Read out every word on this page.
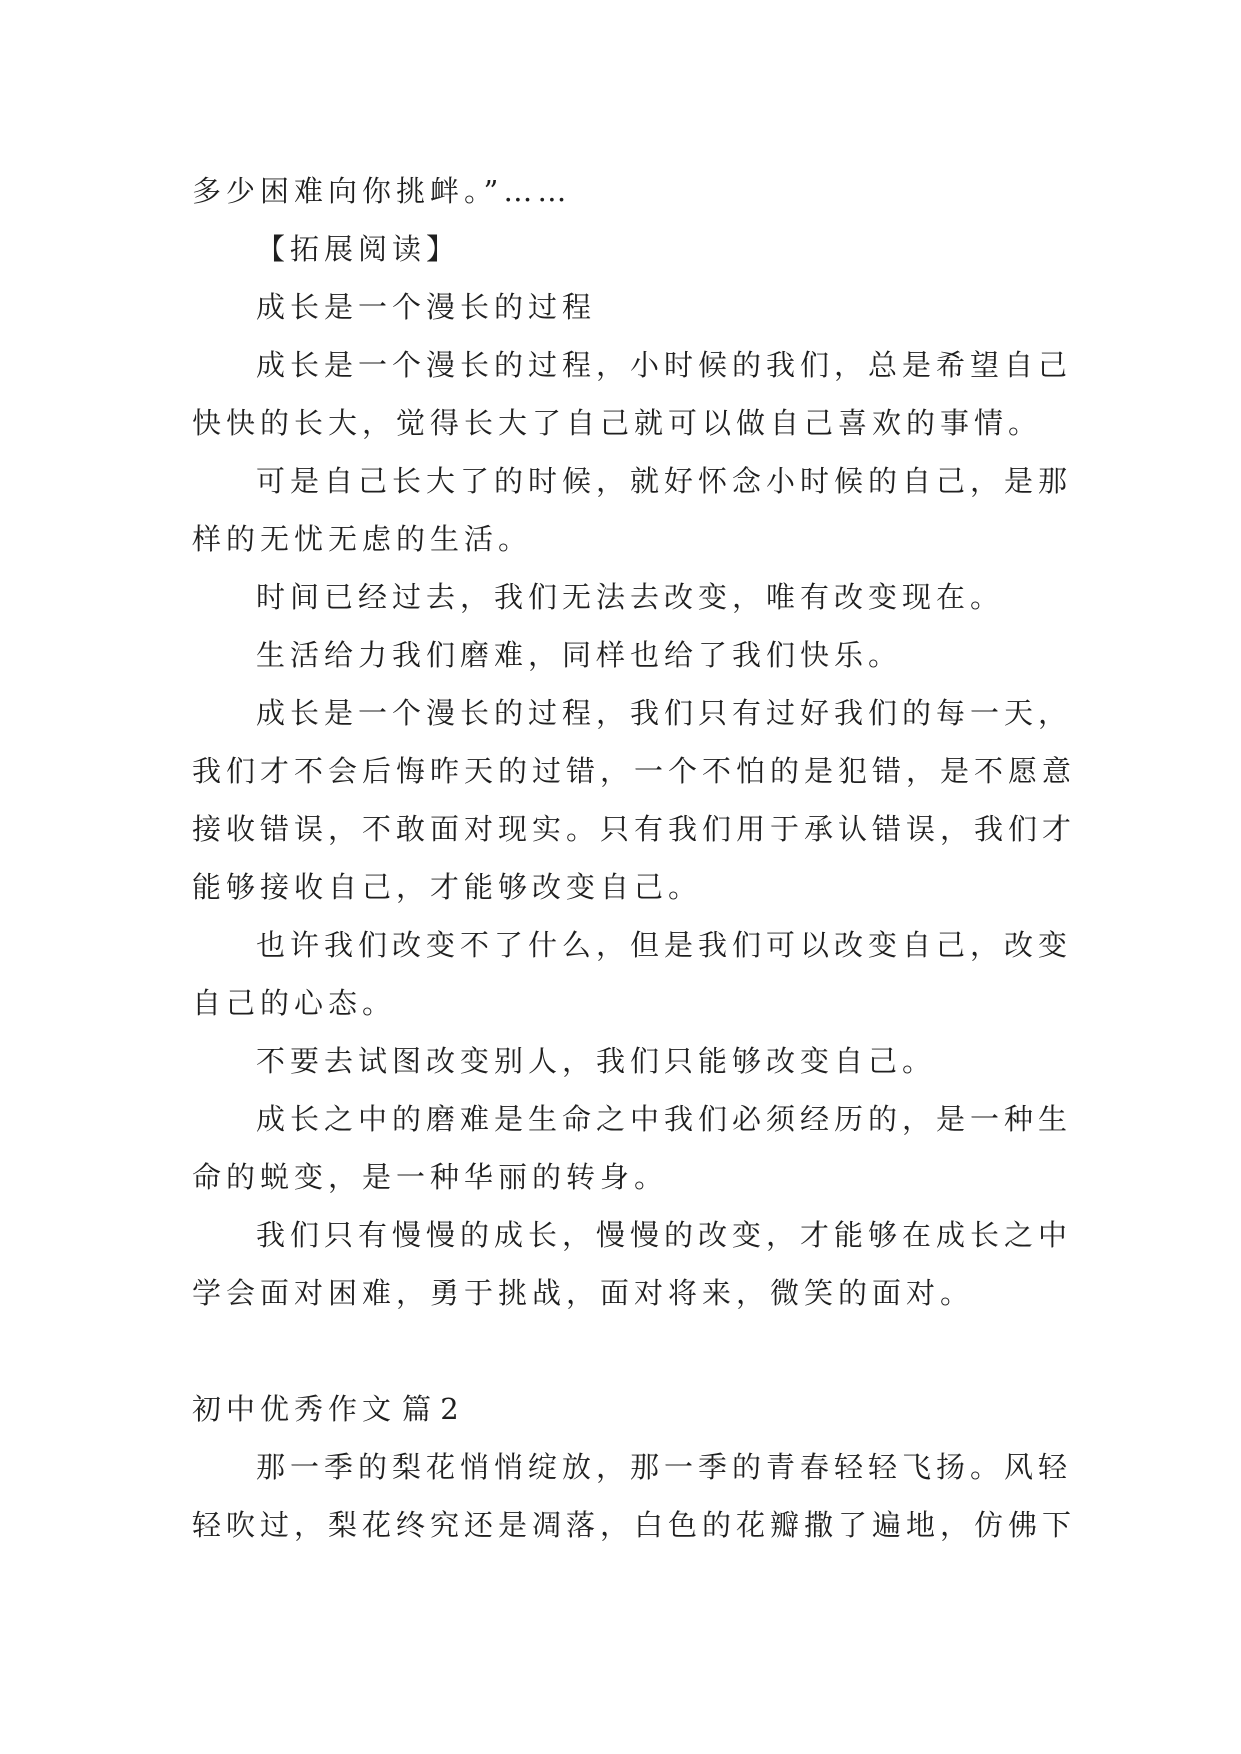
多少困难向你挑衅。”……

【拓展阅读】

成长是一个漫长的过程

成长是一个漫长的过程，小时候的我们，总是希望自己

快快的长大，觉得长大了自己就可以做自己喜欢的事情。

可是自己长大了的时候，就好怀念小时候的自己，是那

样的无忧无虑的生活。

时间已经过去，我们无法去改变，唯有改变现在。

生活给力我们磨难，同样也给了我们快乐。

成长是一个漫长的过程，我们只有过好我们的每一天，

我们才不会后悔昨天的过错，一个不怕的是犯错，是不愿意

接收错误，不敢面对现实。只有我们用于承认错误，我们才

能够接收自己，才能够改变自己。

也许我们改变不了什么，但是我们可以改变自己，改变

自己的心态。

不要去试图改变别人，我们只能够改变自己。

成长之中的磨难是生命之中我们必须经历的，是一种生

命的蜕变，是一种华丽的转身。

我们只有慢慢的成长，慢慢的改变，才能够在成长之中

学会面对困难，勇于挑战，面对将来，微笑的面对。

初中优秀作文 篇 2

那一季的梨花悄悄绽放，那一季的青春轻轻飞扬。风轻

轻吹过，梨花终究还是凋落，白色的花瓣撒了遍地，仿佛下
